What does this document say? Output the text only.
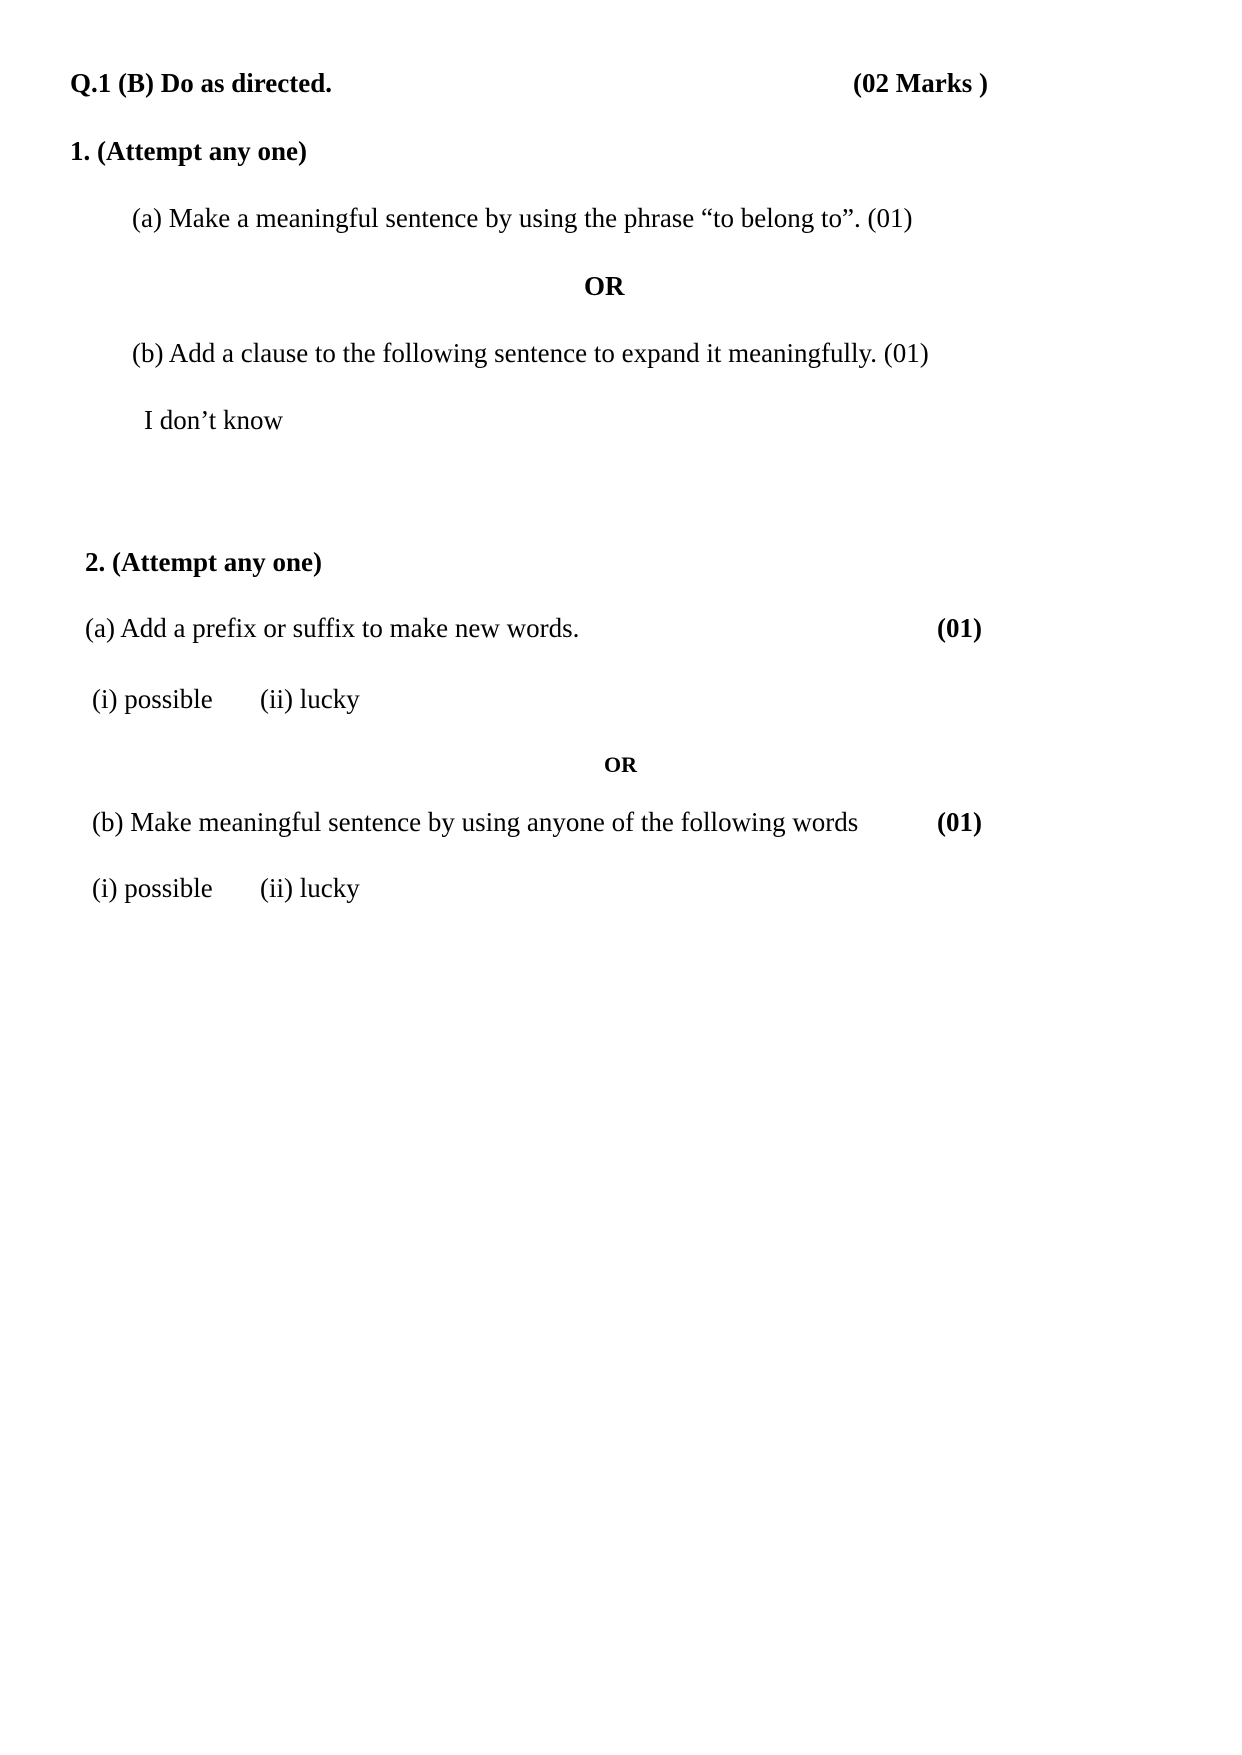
Q.1 (B) Do as directed.	(02 Marks )
1. (Attempt any one)
(a) Make a meaningful sentence by using the phrase “to belong to”. (01)
OR
(b) Add a clause to the following sentence to expand it meaningfully. (01)
I don’t know
2. (Attempt any one)
(a) Add a prefix or suffix to make new words.	(01)
(i) possible (ii) lucky
OR
(b) Make meaningful sentence by using anyone of the following words	(01)
(i) possible (ii) lucky
